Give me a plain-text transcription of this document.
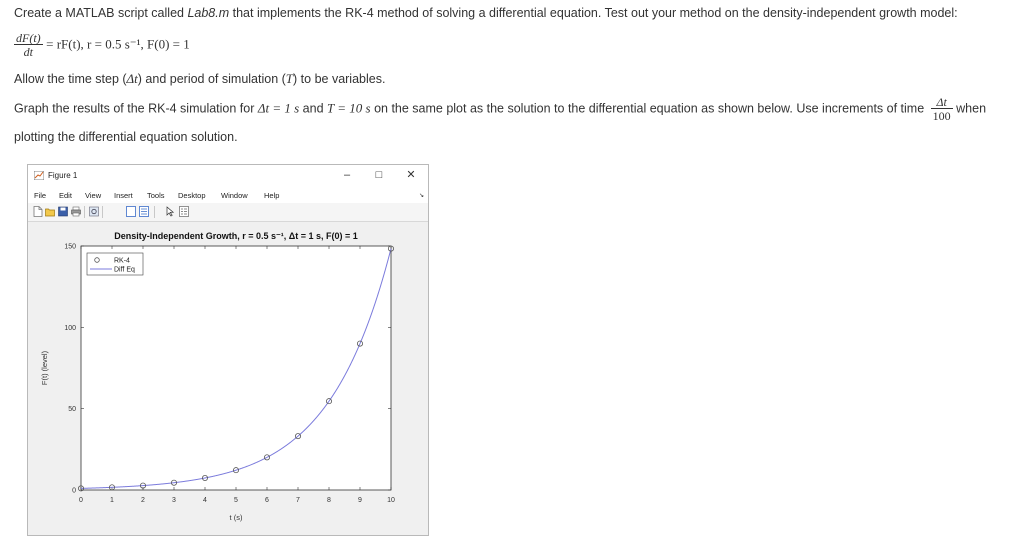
Create a MATLAB script called Lab8.m that implements the RK-4 method of solving a differential equation. Test out your method on the density-independent growth model:

$\frac{dF(t)}{dt} = rF(t)$, r = 0.5 s⁻¹, F(0) = 1

Allow the time step (Δt) and period of simulation (T) to be variables.

Graph the results of the RK-4 simulation for Δt = 1 s and T = 10 s on the same plot as the solution to the differential equation as shown below. Use increments of time $\frac{\Delta t}{100}$ when

plotting the differential equation solution.

Figure 1	–	□	✕
File Edit View Insert Tools Desktop Window Help	↘
Density-Independent Growth, r = 0.5 s⁻¹, Δt = 1 s, F(0) = 1
t (s)
F(t) (level)
0	1	2	3	4	5	6	7	8	9	10
0
50
100
150
RK-4
Diff Eq
